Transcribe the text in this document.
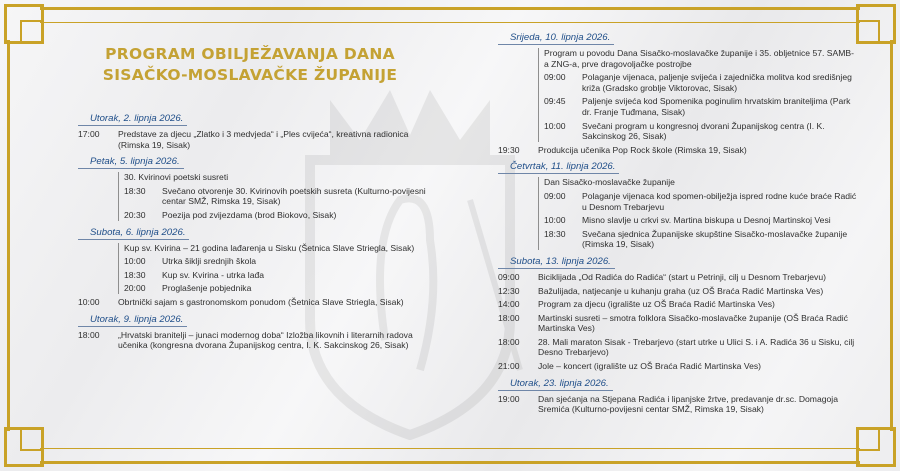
PROGRAM OBILJEŽAVANJA DANA
SISAČKO-MOSLAVAČKE ŽUPANIJE
Utorak, 2. lipnja 2026.
17:00	Predstave za djecu „Zlatko i 3 medvjeda“ i „Ples cvijeća“, kreativna radionica (Rimska 19, Sisak)
Petak, 5. lipnja 2026.
30. Kvirinovi poetski susreti
18:30	Svečano otvorenje 30. Kvirinovih poetskih susreta (Kulturno-povijesni centar SMŽ, Rimska 19, Sisak)
20:30	Poezija pod zvijezdama (brod Biokovo, Sisak)
Subota, 6. lipnja 2026.
Kup sv. Kvirina – 21 godina lađarenja u Sisku (Šetnica Slave Striegla, Sisak)
10:00	Utrka šiklji srednjih škola
18:30	Kup sv. Kvirina - utrka lađa
20:00	Proglašenje pobjednika
10:00	Obrtnički sajam s gastronomskom ponudom (Šetnica Slave Striegla, Sisak)
Utorak, 9. lipnja 2026.
18:00	„Hrvatski branitelji – junaci modernog doba“ Izložba likovnih i literarnih radova učenika (kongresna dvorana Županijskog centra, I. K. Sakcinskog 26, Sisak)
Srijeda, 10. lipnja 2026.
Program u povodu Dana Sisačko-moslavačke županije i 35. obljetnice 57. SAMB-a ZNG-a, prve dragovoljačke postrojbe
09:00	Polaganje vijenaca, paljenje svijeća i zajednička molitva kod središnjeg križa (Gradsko groblje Viktorovac, Sisak)
09:45	Paljenje svijeća kod Spomenika poginulim hrvatskim braniteljima (Park dr. Franje Tuđmana, Sisak)
10:00	Svečani program u kongresnoj dvorani Županijskog centra (I. K. Sakcinskog 26, Sisak)
19:30	Produkcija učenika Pop Rock škole (Rimska 19, Sisak)
Četvrtak, 11. lipnja 2026.
Dan Sisačko-moslavačke županije
09:00	Polaganje vijenaca kod spomen-obilježja ispred rodne kuće braće Radić u Desnom Trebarjevu
10:00	Misno slavlje u crkvi sv. Martina biskupa u Desnoj Martinskoj Vesi
18:30	Svečana sjednica Županijske skupštine Sisačko-moslavačke županije (Rimska 19, Sisak)
Subota, 13. lipnja 2026.
09:00	Biciklijada „Od Radića do Radića“ (start u Petrinji, cilj u Desnom Trebarjevu)
12:30	Bažulijada, natjecanje u kuhanju graha (uz OŠ Braća Radić Martinska Ves)
14:00	Program za djecu (igralište uz OŠ Braća Radić Martinska Ves)
18:00	Martinski susreti – smotra folklora Sisačko-moslavačke županije (OŠ Braća Radić Martinska Ves)
18:00	28. Mali maraton Sisak - Trebarjevo (start utrke u Ulici S. i A. Radića 36 u Sisku, cilj Desno Trebarjevo)
21:00	Jole – koncert (igralište uz OŠ Braća Radić Martinska Ves)
Utorak, 23. lipnja 2026.
19:00	Dan sjećanja na Stjepana Radića i lipanjske žrtve, predavanje dr.sc. Domagoja Sremića (Kulturno-povijesni centar SMŽ, Rimska 19, Sisak)
